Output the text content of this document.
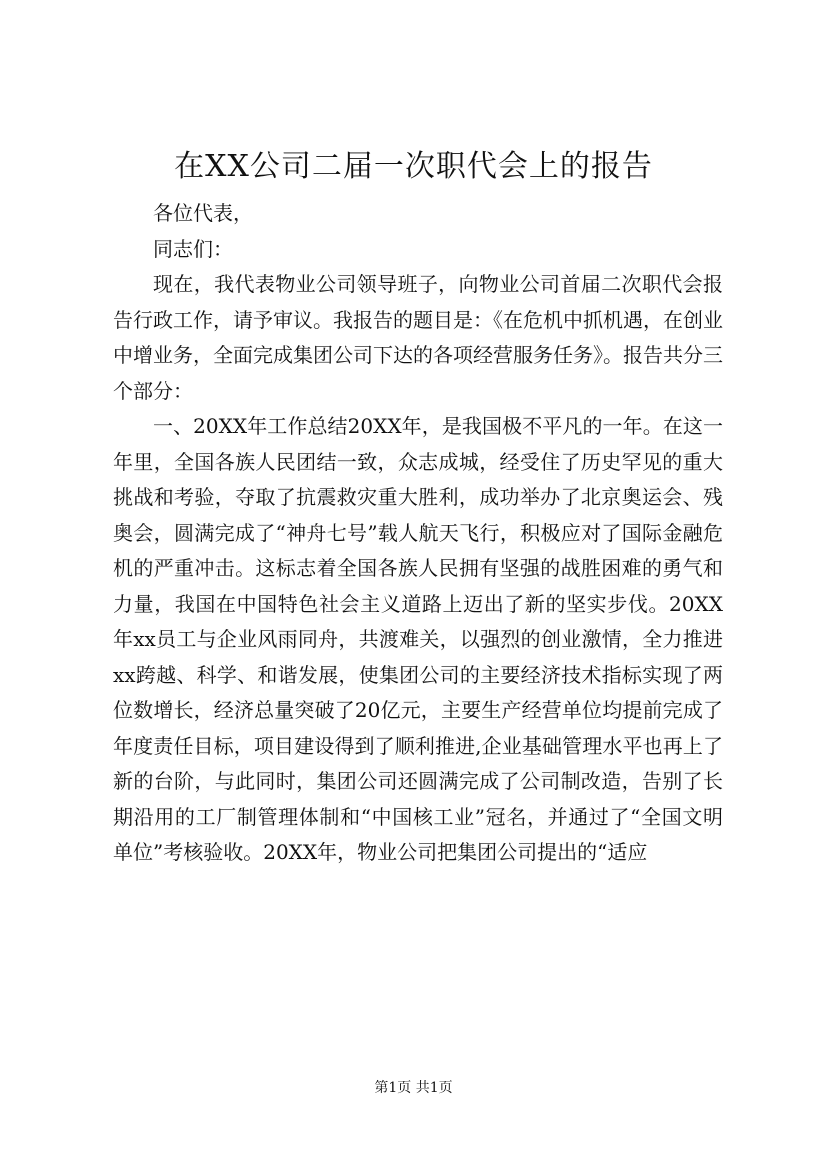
在XX公司二届一次职代会上的报告

各位代表，

同志们：

现在，我代表物业公司领导班子，向物业公司首届二次职代会报告行政工作，请予审议。我报告的题目是：《在危机中抓机遇，在创业中增业务，全面完成集团公司下达的各项经营服务任务》。报告共分三个部分：

一、20XX年工作总结20XX年，是我国极不平凡的一年。在这一年里，全国各族人民团结一致，众志成城，经受住了历史罕见的重大挑战和考验，夺取了抗震救灾重大胜利，成功举办了北京奥运会、残奥会，圆满完成了“神舟七号”载人航天飞行，积极应对了国际金融危机的严重冲击。这标志着全国各族人民拥有坚强的战胜困难的勇气和力量，我国在中国特色社会主义道路上迈出了新的坚实步伐。20XX年xx员工与企业风雨同舟，共渡难关，以强烈的创业激情，全力推进xx跨越、科学、和谐发展，使集团公司的主要经济技术指标实现了两位数增长，经济总量突破了20亿元，主要生产经营单位均提前完成了年度责任目标，项目建设得到了顺利推进,企业基础管理水平也再上了新的台阶，与此同时，集团公司还圆满完成了公司制改造，告别了长期沿用的工厂制管理体制和“中国核工业”冠名，并通过了“全国文明单位”考核验收。20XX年，物业公司把集团公司提出的“适应

第1页 共1页
